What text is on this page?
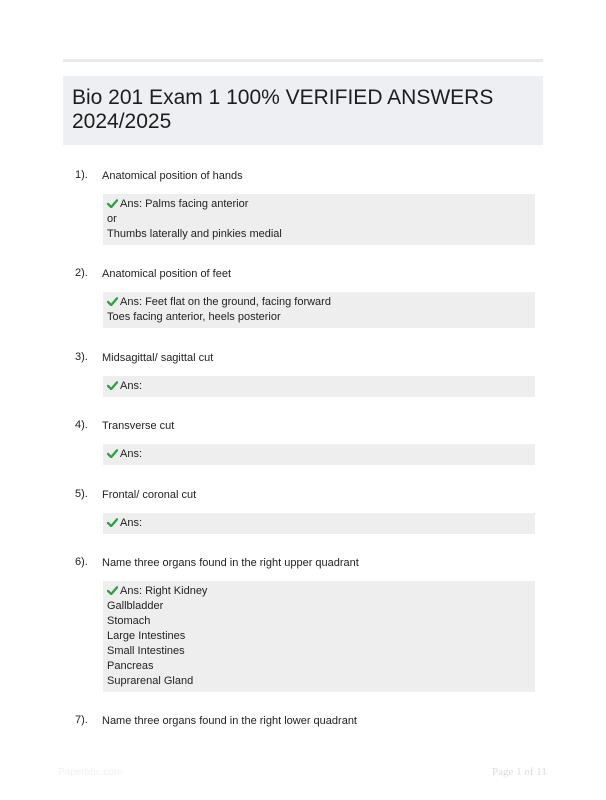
Bio 201 Exam 1 100% VERIFIED ANSWERS 2024/2025
1). Anatomical position of hands
Ans: Palms facing anterior
or
Thumbs laterally and pinkies medial
2). Anatomical position of feet
Ans: Feet flat on the ground, facing forward
Toes facing anterior, heels posterior
3). Midsagittal/ sagittal cut
Ans:
4). Transverse cut
Ans:
5). Frontal/ coronal cut
Ans:
6). Name three organs found in the right upper quadrant
Ans: Right Kidney
Gallbladder
Stomach
Large Intestines
Small Intestines
Pancreas
Suprarenal Gland
7). Name three organs found in the right lower quadrant
Paperbbc.com	Page 1 of 11
